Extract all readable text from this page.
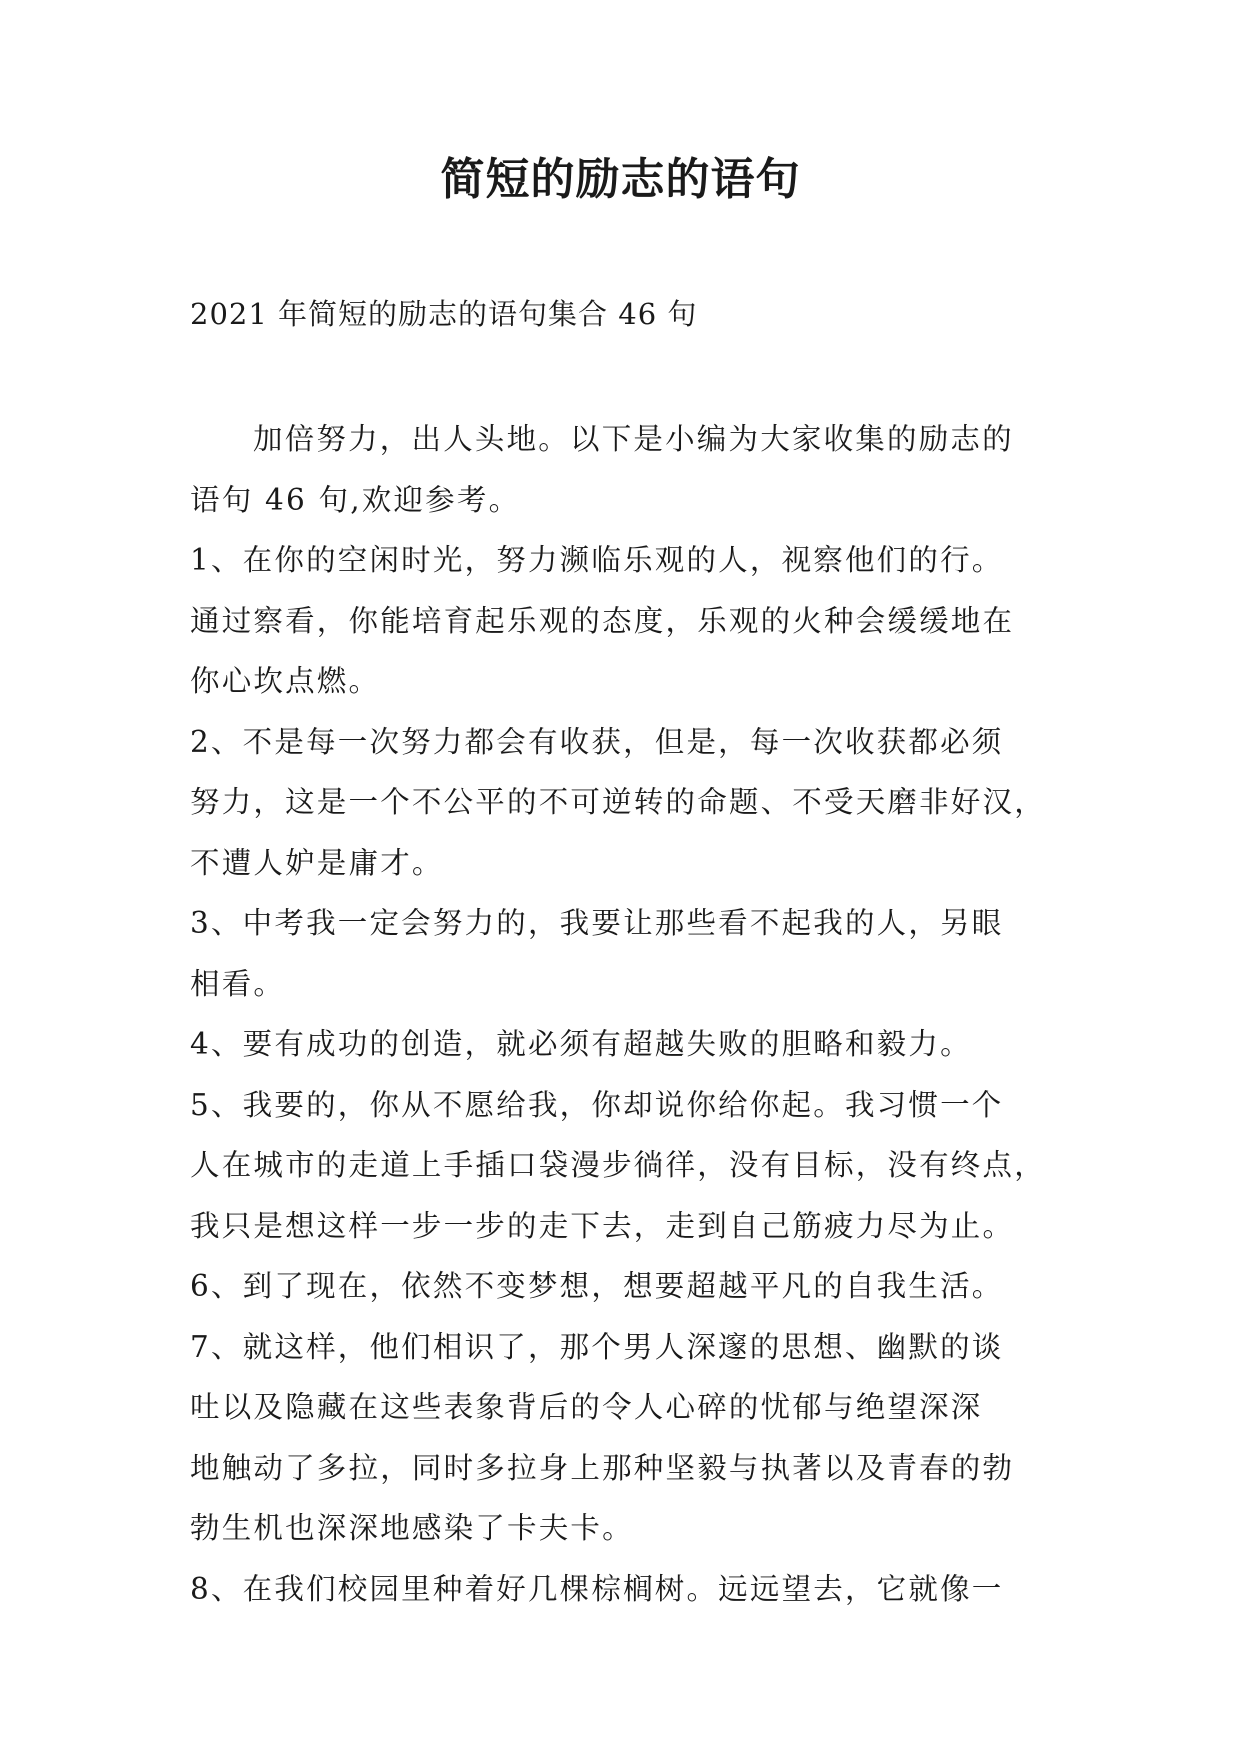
简短的励志的语句
2021 年简短的励志的语句集合 46 句
加倍努力，出人头地。以下是小编为大家收集的励志的
语句 46 句,欢迎参考。
1、在你的空闲时光，努力濒临乐观的人，视察他们的行。
通过察看，你能培育起乐观的态度，乐观的火种会缓缓地在
你心坎点燃。
2、不是每一次努力都会有收获，但是，每一次收获都必须
努力，这是一个不公平的不可逆转的命题、不受天磨非好汉，
不遭人妒是庸才。
3、中考我一定会努力的，我要让那些看不起我的人，另眼
相看。
4、要有成功的创造，就必须有超越失败的胆略和毅力。
5、我要的，你从不愿给我，你却说你给你起。我习惯一个
人在城市的走道上手插口袋漫步徜徉，没有目标，没有终点，
我只是想这样一步一步的走下去，走到自己筋疲力尽为止。
6、到了现在，依然不变梦想，想要超越平凡的自我生活。
7、就这样，他们相识了，那个男人深邃的思想、幽默的谈
吐以及隐藏在这些表象背后的令人心碎的忧郁与绝望深深
地触动了多拉，同时多拉身上那种坚毅与执著以及青春的勃
勃生机也深深地感染了卡夫卡。
8、在我们校园里种着好几棵棕榈树。远远望去，它就像一
